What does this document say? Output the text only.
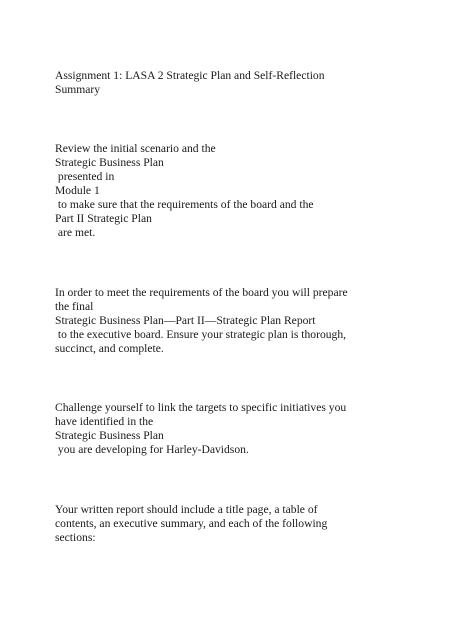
Assignment 1: LASA 2 Strategic Plan and Self-Reflection

Summary

Review the initial scenario and the

Strategic Business Plan

presented in

Module 1

to make sure that the requirements of the board and the

Part II Strategic Plan

are met.

In order to meet the requirements of the board you will prepare

the final

Strategic Business Plan—Part II—Strategic Plan Report

to the executive board. Ensure your strategic plan is thorough,

succinct, and complete.

Challenge yourself to link the targets to specific initiatives you

have identified in the

Strategic Business Plan

you are developing for Harley-Davidson.

Your written report should include a title page, a table of

contents, an executive summary, and each of the following

sections:
